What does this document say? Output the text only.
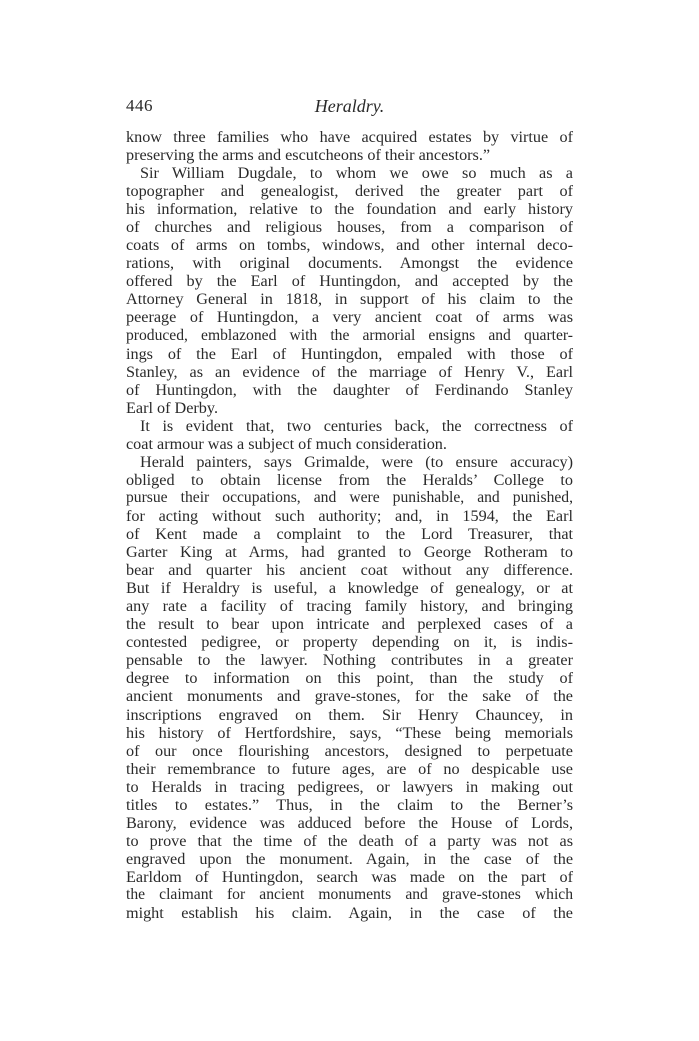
446	Heraldry.
know three families who have acquired estates by virtue of
preserving the arms and escutcheons of their ancestors.”
Sir William Dugdale, to whom we owe so much as a
topographer and genealogist, derived the greater part of
his information, relative to the foundation and early history
of churches and religious houses, from a comparison of
coats of arms on tombs, windows, and other internal deco-
rations, with original documents. Amongst the evidence
offered by the Earl of Huntingdon, and accepted by the
Attorney General in 1818, in support of his claim to the
peerage of Huntingdon, a very ancient coat of arms was
produced, emblazoned with the armorial ensigns and quarter-
ings of the Earl of Huntingdon, empaled with those of
Stanley, as an evidence of the marriage of Henry V., Earl
of Huntingdon, with the daughter of Ferdinando Stanley
Earl of Derby.
It is evident that, two centuries back, the correctness of
coat armour was a subject of much consideration.
Herald painters, says Grimalde, were (to ensure accuracy)
obliged to obtain license from the Heralds’ College to
pursue their occupations, and were punishable, and punished,
for acting without such authority; and, in 1594, the Earl
of Kent made a complaint to the Lord Treasurer, that
Garter King at Arms, had granted to George Rotheram to
bear and quarter his ancient coat without any difference.
But if Heraldry is useful, a knowledge of genealogy, or at
any rate a facility of tracing family history, and bringing
the result to bear upon intricate and perplexed cases of a
contested pedigree, or property depending on it, is indis-
pensable to the lawyer. Nothing contributes in a greater
degree to information on this point, than the study of
ancient monuments and grave-stones, for the sake of the
inscriptions engraved on them. Sir Henry Chauncey, in
his history of Hertfordshire, says, “These being memorials
of our once flourishing ancestors, designed to perpetuate
their remembrance to future ages, are of no despicable use
to Heralds in tracing pedigrees, or lawyers in making out
titles to estates.” Thus, in the claim to the Berner’s
Barony, evidence was adduced before the House of Lords,
to prove that the time of the death of a party was not as
engraved upon the monument. Again, in the case of the
Earldom of Huntingdon, search was made on the part of
the claimant for ancient monuments and grave-stones which
might establish his claim. Again, in the case of the
